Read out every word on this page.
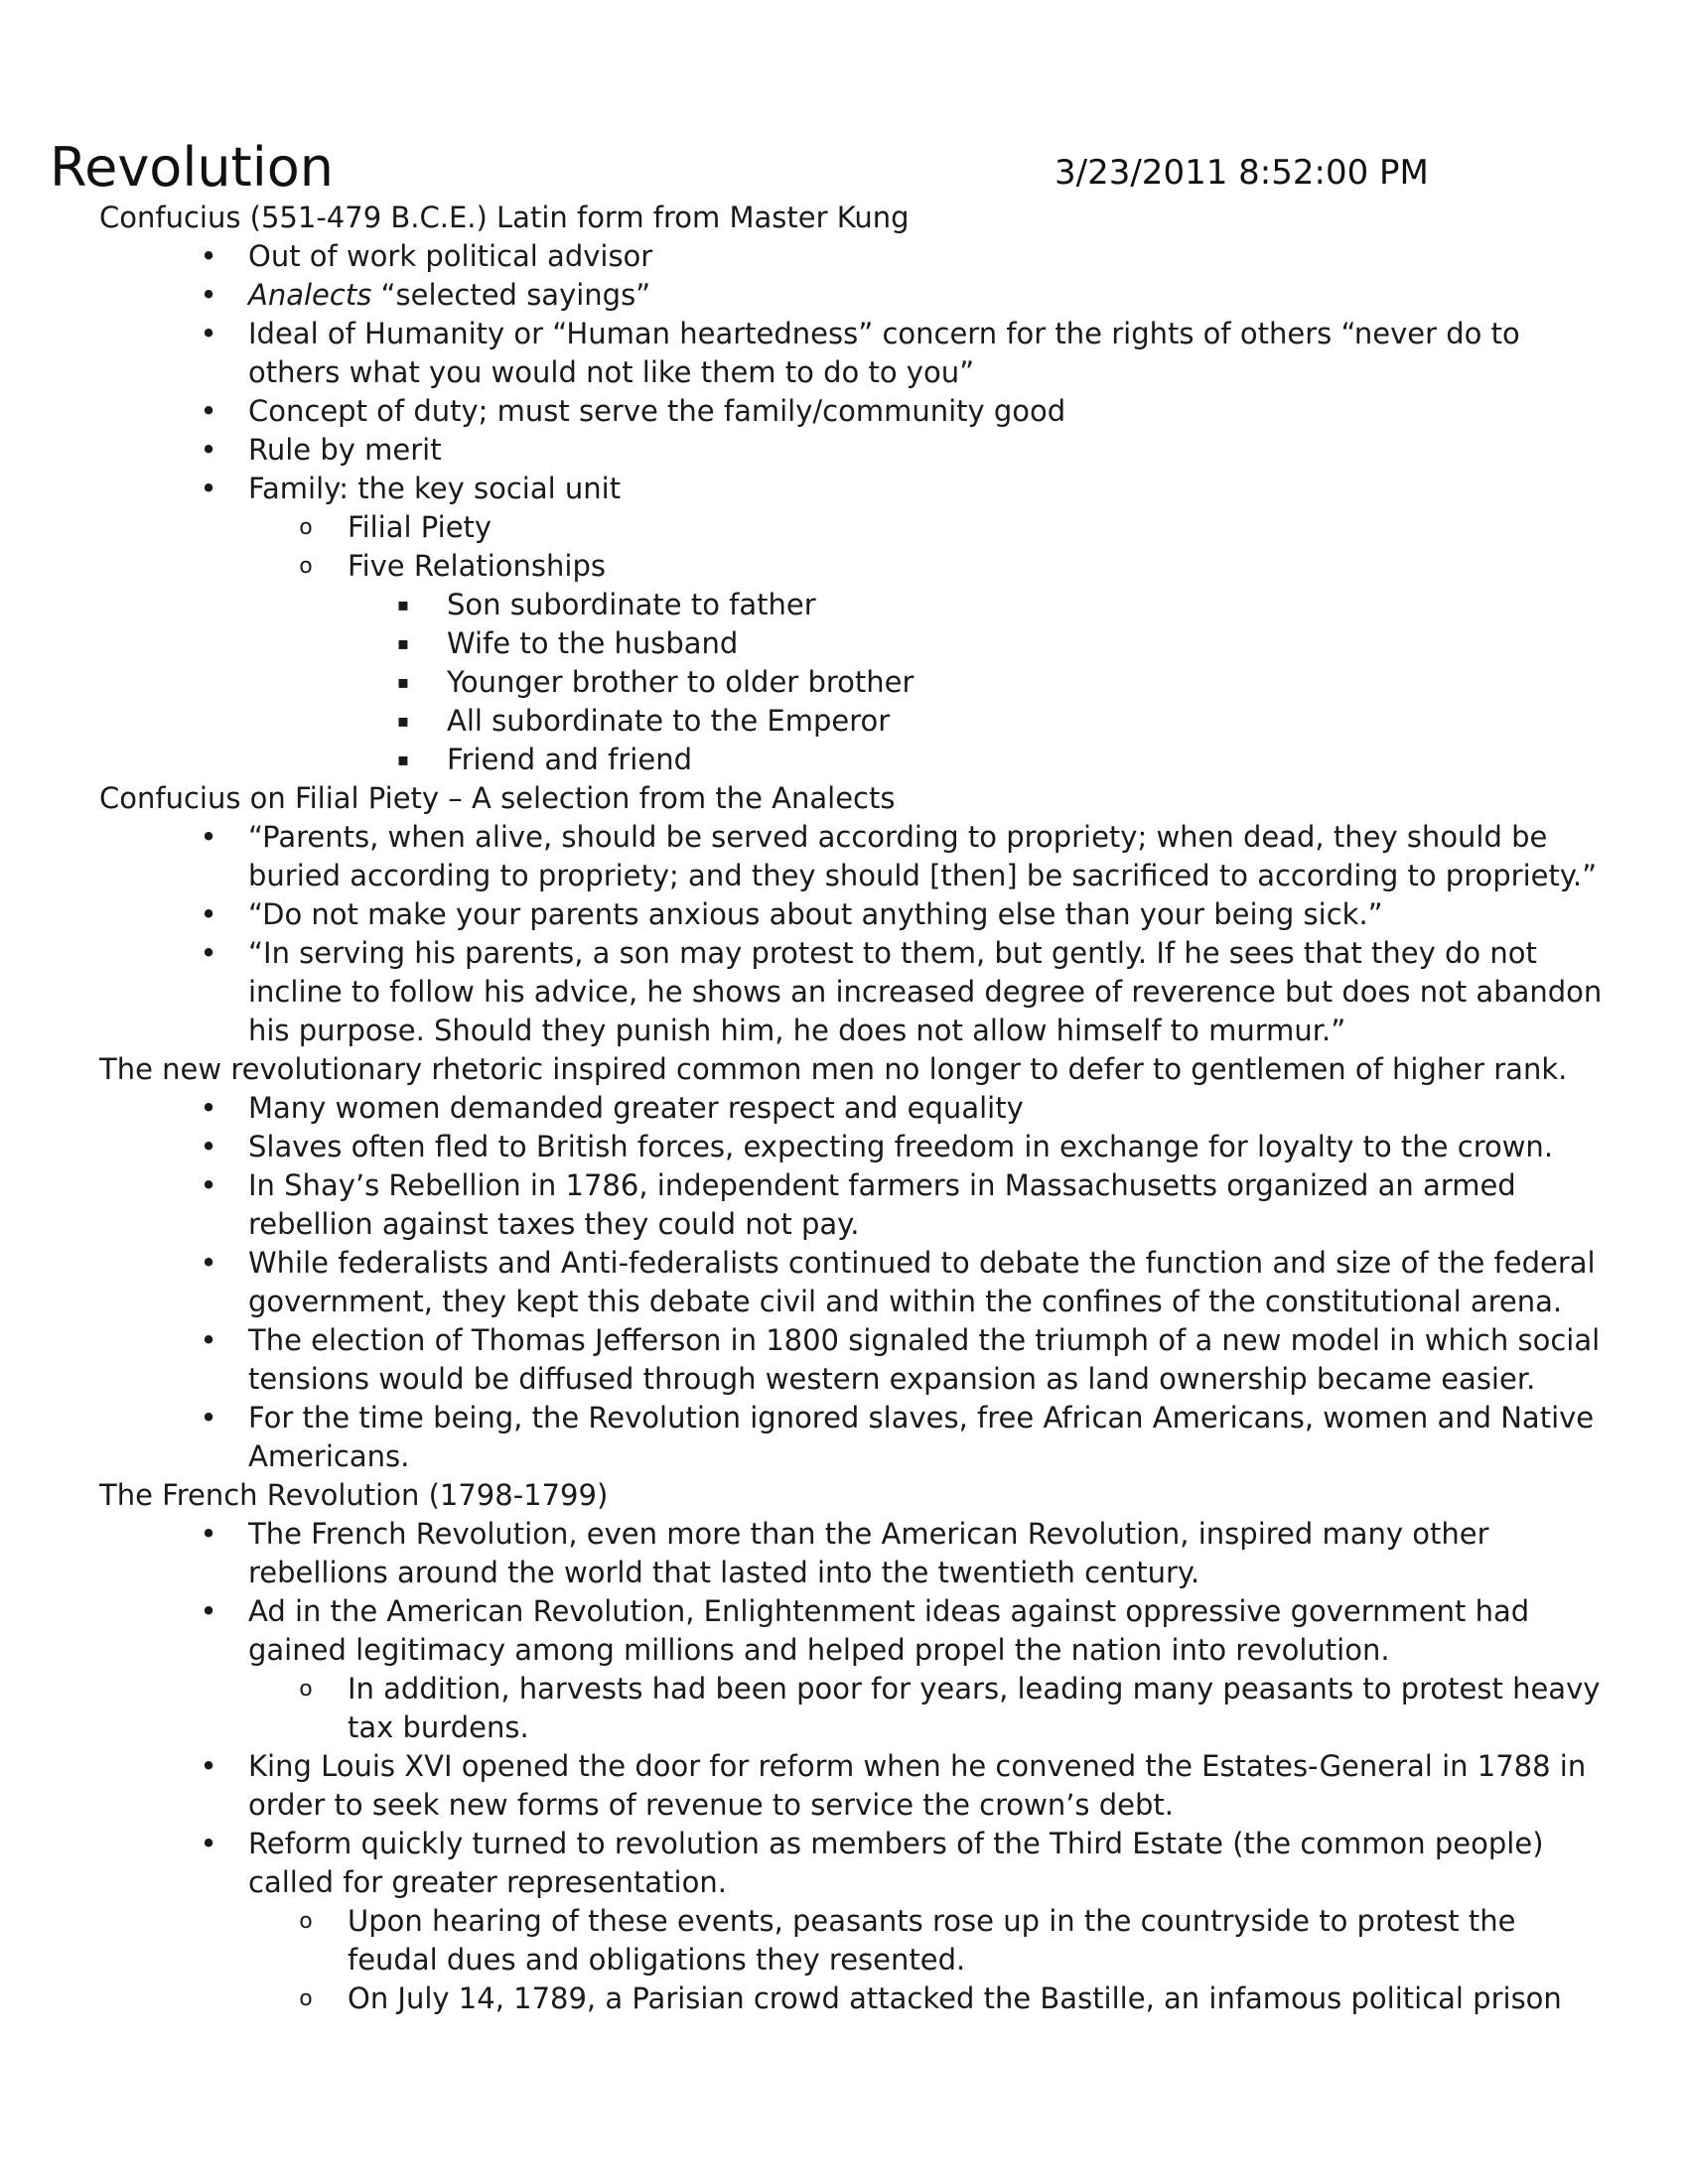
Revolution	3/23/2011 8:52:00 PM

Confucius (551-479 B.C.E.) Latin form from Master Kung

• Out of work political advisor

• Analects “selected sayings”

• Ideal of Humanity or “Human heartedness” concern for the rights of others “never do to others what you would not like them to do to you”

• Concept of duty; must serve the family/community good

• Rule by merit

• Family: the key social unit

o Filial Piety

o Five Relationships

▪	Son subordinate to father

▪	Wife to the husband

▪	Younger brother to older brother

▪	All subordinate to the Emperor

▪	Friend and friend

Confucius on Filial Piety – A selection from the Analects

• “Parents, when alive, should be served according to propriety; when dead, they should be buried according to propriety; and they should [then] be sacrificed to according to propriety.”

• “Do not make your parents anxious about anything else than your being sick.”

• “In serving his parents, a son may protest to them, but gently. If he sees that they do not incline to follow his advice, he shows an increased degree of reverence but does not abandon his purpose. Should they punish him, he does not allow himself to murmur.”

The new revolutionary rhetoric inspired common men no longer to defer to gentlemen of higher rank.

• Many women demanded greater respect and equality

• Slaves often fled to British forces, expecting freedom in exchange for loyalty to the crown.

• In Shay’s Rebellion in 1786, independent farmers in Massachusetts organized an armed rebellion against taxes they could not pay.

• While federalists and Anti-federalists continued to debate the function and size of the federal government, they kept this debate civil and within the confines of the constitutional arena.

• The election of Thomas Jefferson in 1800 signaled the triumph of a new model in which social tensions would be diffused through western expansion as land ownership became easier.

• For the time being, the Revolution ignored slaves, free African Americans, women and Native Americans.

The French Revolution (1798-1799)

• The French Revolution, even more than the American Revolution, inspired many other rebellions around the world that lasted into the twentieth century.

• Ad in the American Revolution, Enlightenment ideas against oppressive government had gained legitimacy among millions and helped propel the nation into revolution.

o In addition, harvests had been poor for years, leading many peasants to protest heavy tax burdens.

• King Louis XVI opened the door for reform when he convened the Estates-General in 1788 in order to seek new forms of revenue to service the crown’s debt.

• Reform quickly turned to revolution as members of the Third Estate (the common people) called for greater representation.

o Upon hearing of these events, peasants rose up in the countryside to protest the feudal dues and obligations they resented.

o On July 14, 1789, a Parisian crowd attacked the Bastille, an infamous political prison
